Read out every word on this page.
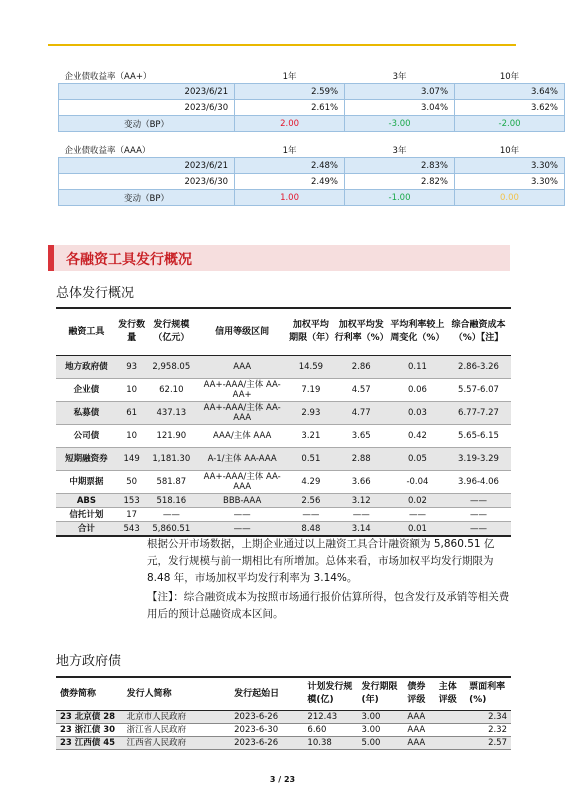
企业债收益率（AA+）	1年	3年	10年
2023/6/21	2.59%	3.07%	3.64%
2023/6/30	2.61%	3.04%	3.62%
变动（BP）	2.00	-3.00	-2.00
企业债收益率（AAA）	1年	3年	10年
2023/6/21	2.48%	2.83%	3.30%
2023/6/30	2.49%	2.82%	3.30%
变动（BP）	1.00	-1.00	0.00
各融资工具发行概况
总体发行概况
融资工具	发行数量	发行规模（亿元）	信用等级区间	加权平均期限（年）	加权平均发行利率（%）	平均利率较上周变化（%）	综合融资成本（%）【注】
地方政府债	93	2,958.05	AAA	14.59	2.86	0.11	2.86-3.26
企业债	10	62.10	AA+-AAA/主体 AA-AA+	7.19	4.57	0.06	5.57-6.07
私募债	61	437.13	AA+-AAA/主体 AA-AAA	2.93	4.77	0.03	6.77-7.27
公司债	10	121.90	AAA/主体 AAA	3.21	3.65	0.42	5.65-6.15
短期融资券	149	1,181.30	A-1/主体 AA-AAA	0.51	2.88	0.05	3.19-3.29
中期票据	50	581.87	AA+-AAA/主体 AA-AAA	4.29	3.66	-0.04	3.96-4.06
ABS	153	518.16	BBB-AAA	2.56	3.12	0.02	——
信托计划	17	——	——	——	——	——	——
合计	543	5,860.51	——	8.48	3.14	0.01	——
根据公开市场数据，上期企业通过以上融资工具合计融资额为 5,860.51 亿元，发行规模与前一期相比有所增加。总体来看，市场加权平均发行期限为 8.48 年，市场加权平均发行利率为 3.14%。
【注】：综合融资成本为按照市场通行报价估算所得，包含发行及承销等相关费用后的预计总融资成本区间。
地方政府债
债券简称	发行人简称	发行起始日	计划发行规模(亿)	发行期限(年)	债券评级	主体评级	票面利率(%)
23 北京债 28	北京市人民政府	2023-6-26	212.43	3.00	AAA		2.34
23 浙江债 30	浙江省人民政府	2023-6-30	6.60	3.00	AAA		2.32
23 江西债 45	江西省人民政府	2023-6-26	10.38	5.00	AAA		2.57
3 / 23
